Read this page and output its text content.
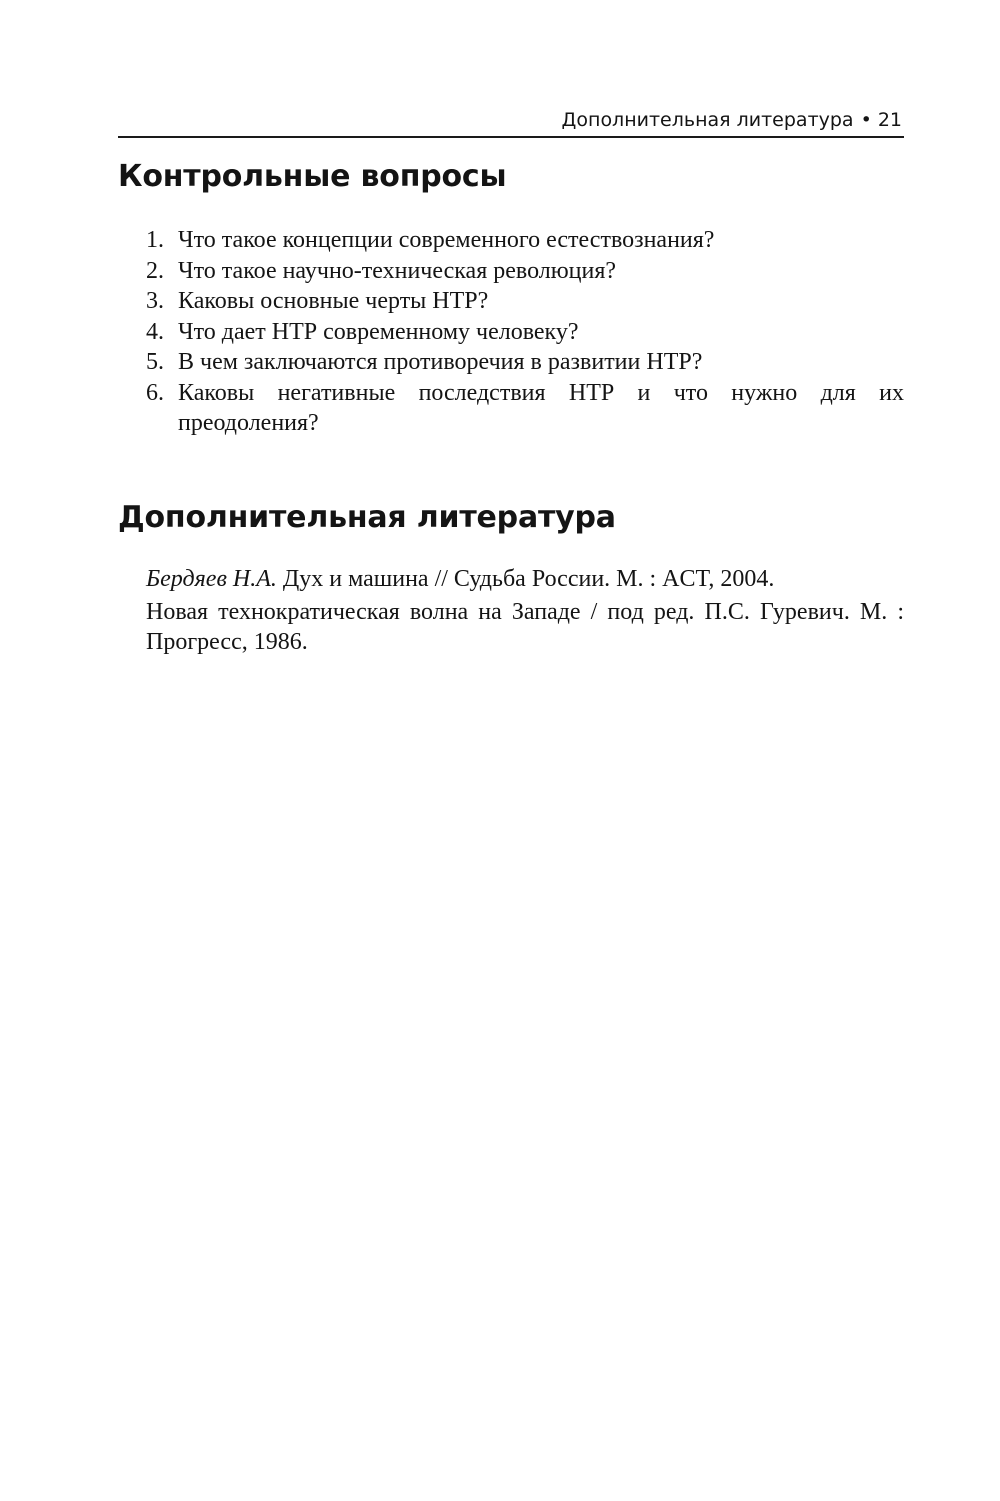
Дополнительная литература • 21
Контрольные вопросы
1. Что такое концепции современного естествознания?
2. Что такое научно-техническая революция?
3. Каковы основные черты НТР?
4. Что дает НТР современному человеку?
5. В чем заключаются противоречия в развитии НТР?
6. Каковы негативные последствия НТР и что нужно для их преодоления?
Дополнительная литература

Бердяев Н.А. Дух и машина // Судьба России. М. : ACT, 2004.

Новая технократическая волна на Западе / под ред. П.С. Гуревич. М. : Прогресс, 1986.
